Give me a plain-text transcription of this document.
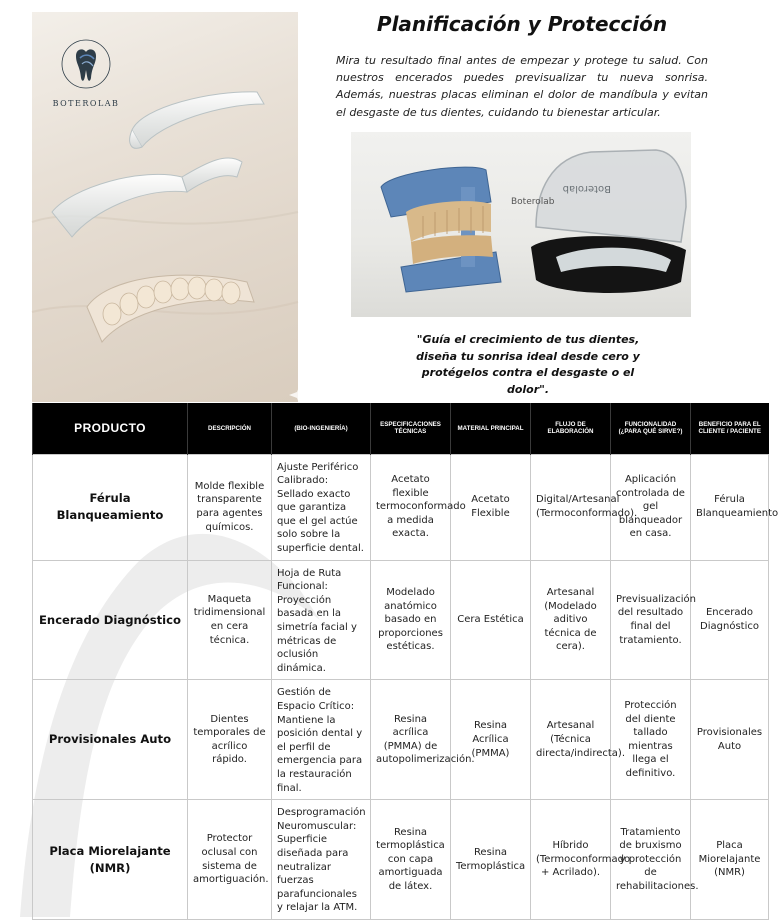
BOTEROLAB
Planificación y Protección
Mira tu resultado final antes de empezar y protege tu salud. Con nuestros encerados puedes previsualizar tu nueva sonrisa. Además, nuestras placas eliminan el dolor de mandíbula y evitan el desgaste de tus dientes, cuidando tu bienestar articular.
Boterolab
Boterolab
"Guía el crecimiento de tus dientes, diseña tu sonrisa ideal desde cero y protégelos contra el desgaste o el dolor".
PRODUCTO	DESCRIPCIÓN	(BIO-INGENIERÍA)	ESPECIFICACIONES TÉCNICAS	MATERIAL PRINCIPAL	FLUJO DE ELABORACIÓN	FUNCIONALIDAD (¿PARA QUÉ SIRVE?)	BENEFICIO PARA EL CLIENTE / PACIENTE
Férula Blanqueamiento	Molde flexible transparente para agentes químicos.	Ajuste Periférico Calibrado: Sellado exacto que garantiza que el gel actúe solo sobre la superficie dental.	Acetato flexible termoconformado a medida exacta.	Acetato Flexible	Digital/Artesanal (Termoconformado).	Aplicación controlada de gel blanqueador en casa.	Férula Blanqueamiento
Encerado Diagnóstico	Maqueta tridimensional en cera técnica.	Hoja de Ruta Funcional: Proyección basada en la simetría facial y métricas de oclusión dinámica.	Modelado anatómico basado en proporciones estéticas.	Cera Estética	Artesanal (Modelado aditivo técnica de cera).	Previsualización del resultado final del tratamiento.	Encerado Diagnóstico
Provisionales Auto	Dientes temporales de acrílico rápido.	Gestión de Espacio Crítico: Mantiene la posición dental y el perfil de emergencia para la restauración final.	Resina acrílica (PMMA) de autopolimerización.	Resina Acrílica (PMMA)	Artesanal (Técnica directa/indirecta).	Protección del diente tallado mientras llega el definitivo.	Provisionales Auto
Placa Miorelajante (NMR)	Protector oclusal con sistema de amortiguación.	Desprogramación Neuromuscular: Superficie diseñada para neutralizar fuerzas parafuncionales y relajar la ATM.	Resina termoplástica con capa amortiguada de látex.	Resina Termoplástica	Híbrido (Termoconformado + Acrilado).	Tratamiento de bruxismo y protección de rehabilitaciones.	Placa Miorelajante (NMR)
